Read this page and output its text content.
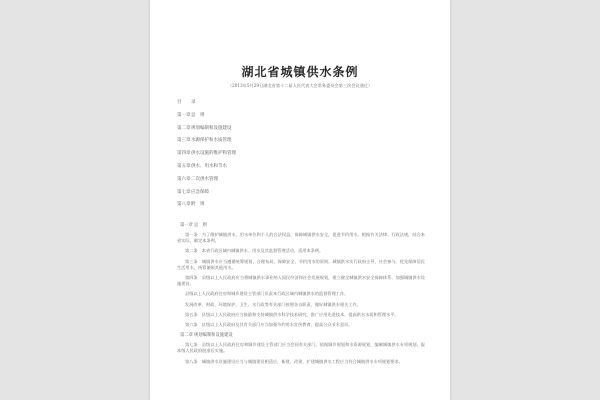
湖北省城镇供水条例
（2013年5月29日湖北省第十二届人民代表大会常务委员会第三次会议通过）
目 录
第一章总　则
第二章规划编制和设施建设
第三章水源保护和水质管理
第四章供水设施的维护和管理
第五章供水、用水和节水
第六章二次供水管理
第七章应急保障
第八章附　则
第一章总　则

第一条　为了维护城镇供水、用水单位和个人的合法权益，保障城镇供水安全，促进节约用水，根据有关法律、行政法规，结合本省实际，制定本条例。

第二条　本省行政区域内城镇供水、用水及其监督管理活动，适用本条例。

第三条　城镇供水应当遵循统筹规划、合理布局、保障安全、节约用水的原则。城镇供水实行政府主导，社会参与。优先保障居民生活用水，统筹兼顾其他用水。

第四条　县级以上人民政府应当将城镇供水事业纳入国民经济和社会发展规划，建立健全城镇供水安全保障体系，加强城镇供水设施建设。

县级以上人民政府住房和城乡建设主管部门负责本行政区域内城镇供水的监督管理工作。

发展改革、财政、环境保护、卫生、水行政等有关部门按照各自职责，做好城镇供水相关工作。

第五条　县级以上人民政府应当鼓励和支持城镇供水科学技术研究，推广应用先进技术，提高供水水质和管理水平。

第六条　县级以上人民政府及其有关部门应当加强节约用水宣传教育，提高公众节水意识。

第二章规划编制和设施建设

第七条　县级以上人民政府住房和城乡建设主管部门应当会同有关部门，依据城乡规划和水资源规划，编制城镇供水专项规划，报本级人民政府批准后实施。

第八条　城镇供水设施建设应当与城镇建设相适应，新建、改建、扩建城镇供水工程应当符合城镇供水专项规划要求。
